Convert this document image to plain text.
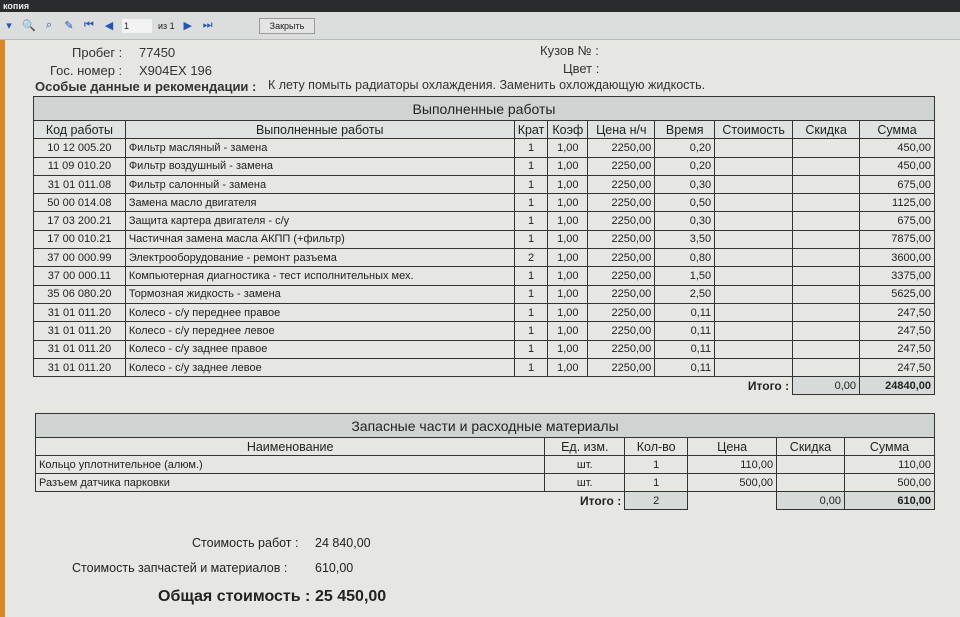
копия
▾ 🔍 ⌕	✎ ⏮ ◀	1	из 1 ▶ ⏭	Закрыть
Пробег : 77450
Гос. номер : Х904ЕХ 196
Кузов № :
Цвет :
Особые данные и рекомендации : К лету помыть радиаторы охлаждения. Заменить охлождающую жидкость.
Выполненные работы								
Код работы	Выполненные работы	Крат	Коэф	Цена н/ч	Время	Стоимость	Скидка	Сумма
10 12 005.20	Фильтр масляный - замена	1	1,00	2250,00	0,20			450,00
11 09 010.20	Фильтр воздушный - замена	1	1,00	2250,00	0,20			450,00
31 01 011.08	Фильтр салонный - замена	1	1,00	2250,00	0,30			675,00
50 00 014.08	Замена масло двигателя	1	1,00	2250,00	0,50			1125,00
17 03 200.21	Защита картера двигателя - с/у	1	1,00	2250,00	0,30			675,00
17 00 010.21	Частичная замена масла АКПП (+фильтр)	1	1,00	2250,00	3,50			7875,00
37 00 000.99	Электрооборудование - ремонт разъема	2	1,00	2250,00	0,80			3600,00
37 00 000.11	Компьютерная диагностика - тест исполнительных мех.	1	1,00	2250,00	1,50			3375,00
35 06 080.20	Тормозная жидкость - замена	1	1,00	2250,00	2,50			5625,00
31 01 011.20	Колесо - с/у переднее правое	1	1,00	2250,00	0,11			247,50
31 01 011.20	Колесо - с/у переднее левое	1	1,00	2250,00	0,11			247,50
31 01 011.20	Колесо - с/у заднее правое	1	1,00	2250,00	0,11			247,50
31 01 011.20	Колесо - с/у заднее левое	1	1,00	2250,00	0,11			247,50
						Итого :	0,00	24840,00
Запасные части и расходные материалы					
Наименование	Ед. изм.	Кол-во	Цена	Скидка	Сумма
Кольцо уплотнительное (алюм.)	шт.	1	110,00		110,00
Разъем датчика парковки	шт.	1	500,00		500,00
	Итого :	2		0,00	610,00
Стоимость работ : 24 840,00
Стоимость запчастей и материалов : 610,00
Общая стоимость : 25 450,00
